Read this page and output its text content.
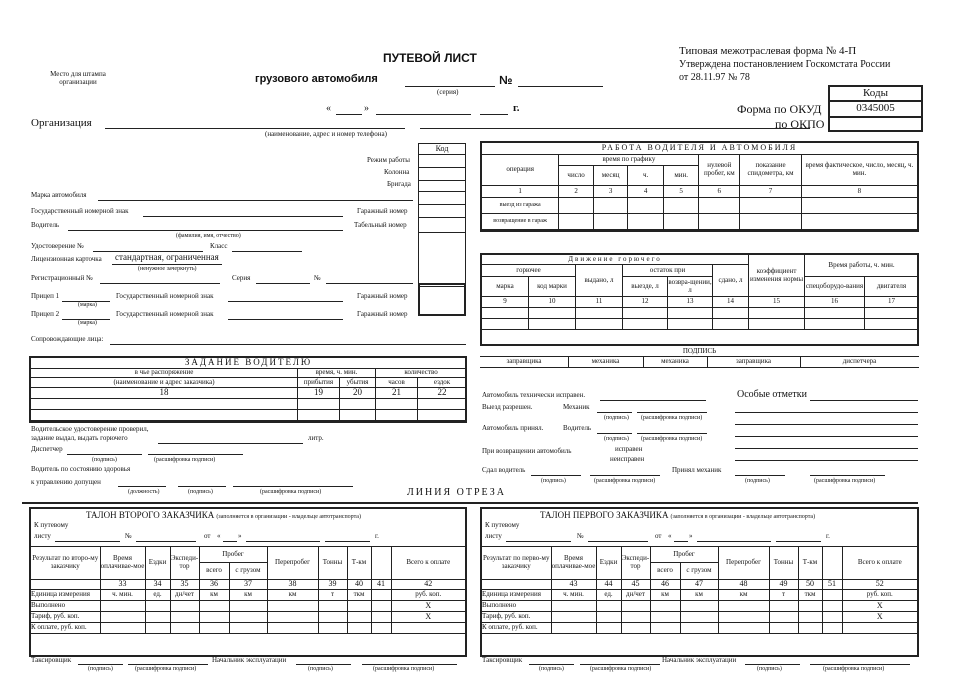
Место для штампа
организации
ПУТЕВОЙ ЛИСТ
грузового автомобиля	№
(серия)
«	»	г.
Типовая межотраслевая форма № 4-П
Утверждена постановлением Госкомстата России
от 28.11.97 № 78
Коды
0345005
Форма по ОКУД
по ОКПО
Организация
(наименование, адрес и номер телефона)
Код
Режим работы
Колонна
Бригада
Марка автомобиля
Государственный номерной знак	Гаражный номер
Водитель	Табельный номер
(фамилия, имя, отчество)
Удостоверение №	Класс
Лицензионная карточка стандартная, ограниченная
(ненужное зачеркнуть)
Регистрационный №	Серия	№
Прицеп 1
(марка)
Государственный номерной знак	Гаражный номер
Прицеп 2
(марка)
Государственный номерной знак	Гаражный номер
Сопровождающие лица:
РАБОТА ВОДИТЕЛЯ И АВТОМОБИЛЯ							
операция	время по графику				нулевой пробег, км	показание спидометра, км	время фактическое, число, месяц, ч. мин.
	число	месяц	ч.	мин.			
1	2	3	4	5	6	7	8
выезд из гаража							
возвращение в гараж							
Движение горючего						коэффициент изменения нормы	Время работы, ч. мин.	
горючее		выдано, л	остаток при		сдано, л			
марка	код марки		выезде, л	возвра-щении, л			спецоборудо-вания	двигателя
9	10	11	12	13	14	15	16	17

ПОДПИСЬ
заправщика	механика	механика	заправщика	диспетчера
ЗАДАНИЕ ВОДИТЕЛЮ				
в чье распоряжение	время, ч. мин.		количество	
(наименование и адрес заказчика)	прибытия	убытия	часов	ездок
18	19	20	21	22

Водительское удостоверение проверил,
задание выдал, выдать горючего	литр.
Диспетчер
(подпись)	(расшифровка подписи)
Водитель по состоянию здоровья
к управлению допущен
(должность)	(подпись)	(расшифровка подписи)
Автомобиль технически исправен.
Выезд разрешен.	Механик
(подпись) (расшифровка подписи)
Автомобиль принял.	Водитель
(подпись) (расшифровка подписи)
При возвращении автомобиль	исправен
неисправен
Сдал водитель
(подпись)	(расшифровка подписи)
Принял механик
(подпись)	(расшифровка подписи)
Особые отметки
ЛИНИЯ ОТРЕЗА
ТАЛОН ВТОРОГО ЗАКАЗЧИКА (заполняется в организации - владельце автотранспорта)
К путевому
листу	№	от «	»	г.
Результат по второ-му заказчику	Время оплачивае-мое	Ездки	Экспеди-тор	Пробег		Перепробег	Тонны	Т-км		Всего к оплате
				всего	с грузом					
	33	34	35	36	37	38	39	40	41	42
Единица измерения	ч. мин.	ед.	дн/чет	км	км	км	т	ткм		руб. коп.
Выполнено										X
Тариф, руб. коп.										X
К оплате, руб. коп.										
ТАЛОН ПЕРВОГО ЗАКАЗЧИКА (заполняется в организации - владельце автотранспорта)
К путевому
листу	№	от «	»	г.
Результат по перво-му заказчику	Время оплачивае-мое	Ездки	Экспеди-тор	Пробег		Перепробег	Тонны	Т-км		Всего к оплате
				всего	с грузом					
	43	44	45	46	47	48	49	50	51	52
Единица измерения	ч. мин.	ед.	дн/чет	км	км	км	т	ткм		руб. коп.
Выполнено										X
Тариф, руб. коп.										X
К оплате, руб. коп.										
Таксировщик
(подпись)	(расшифровка подписи)
Начальник эксплуатации
(подпись)	(расшифровка подписи)
Таксировщик
(подпись)	(расшифровка подписи)
Начальник эксплуатации
(подпись)	(расшифровка подписи)
